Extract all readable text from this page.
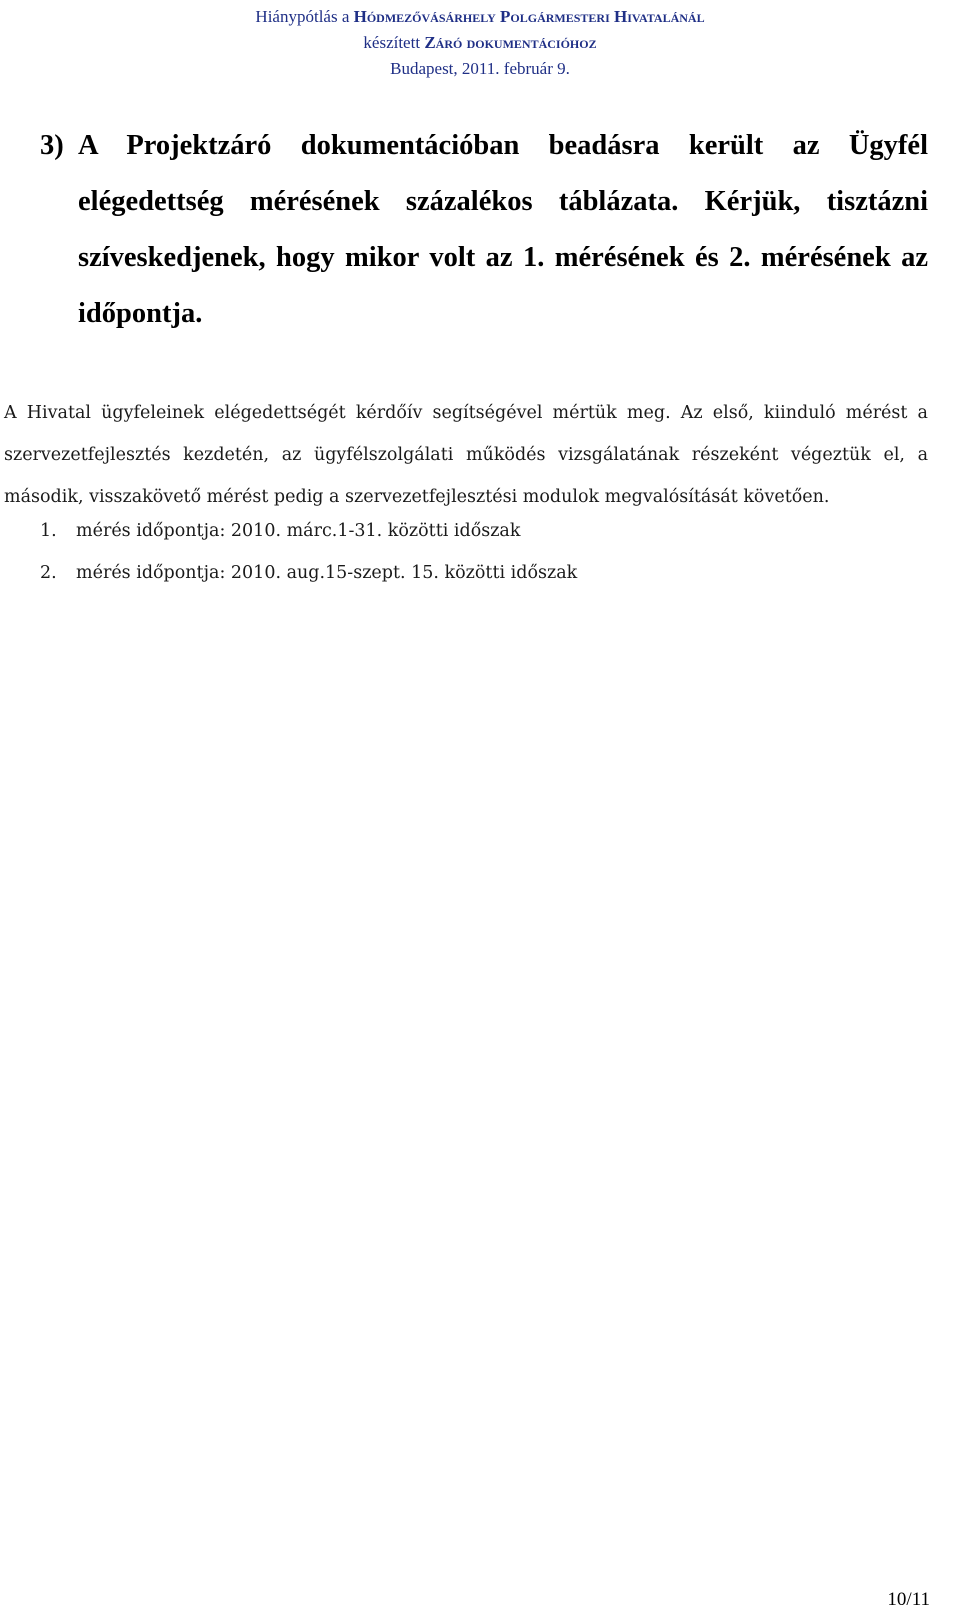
Hiánypótlás a Hódmezővásárhely Polgármesteri Hivatalánál
készített Záró dokumentációhoz
Budapest, 2011. február 9.
3) A Projektzáró dokumentációban beadásra került az Ügyfél elégedettség mérésének százalékos táblázata. Kérjük, tisztázni szíveskedjenek, hogy mikor volt az 1. mérésének és 2. mérésének az időpontja.
A Hivatal ügyfeleinek elégedettségét kérdőív segítségével mértük meg. Az első, kiinduló mérést a szervezetfejlesztés kezdetén, az ügyfélszolgálati működés vizsgálatának részeként végeztük el, a második, visszakövető mérést pedig a szervezetfejlesztési modulok megvalósítását követően.
1.	mérés időpontja: 2010. márc.1-31. közötti időszak
2.	mérés időpontja: 2010. aug.15-szept. 15. közötti időszak
10/11
